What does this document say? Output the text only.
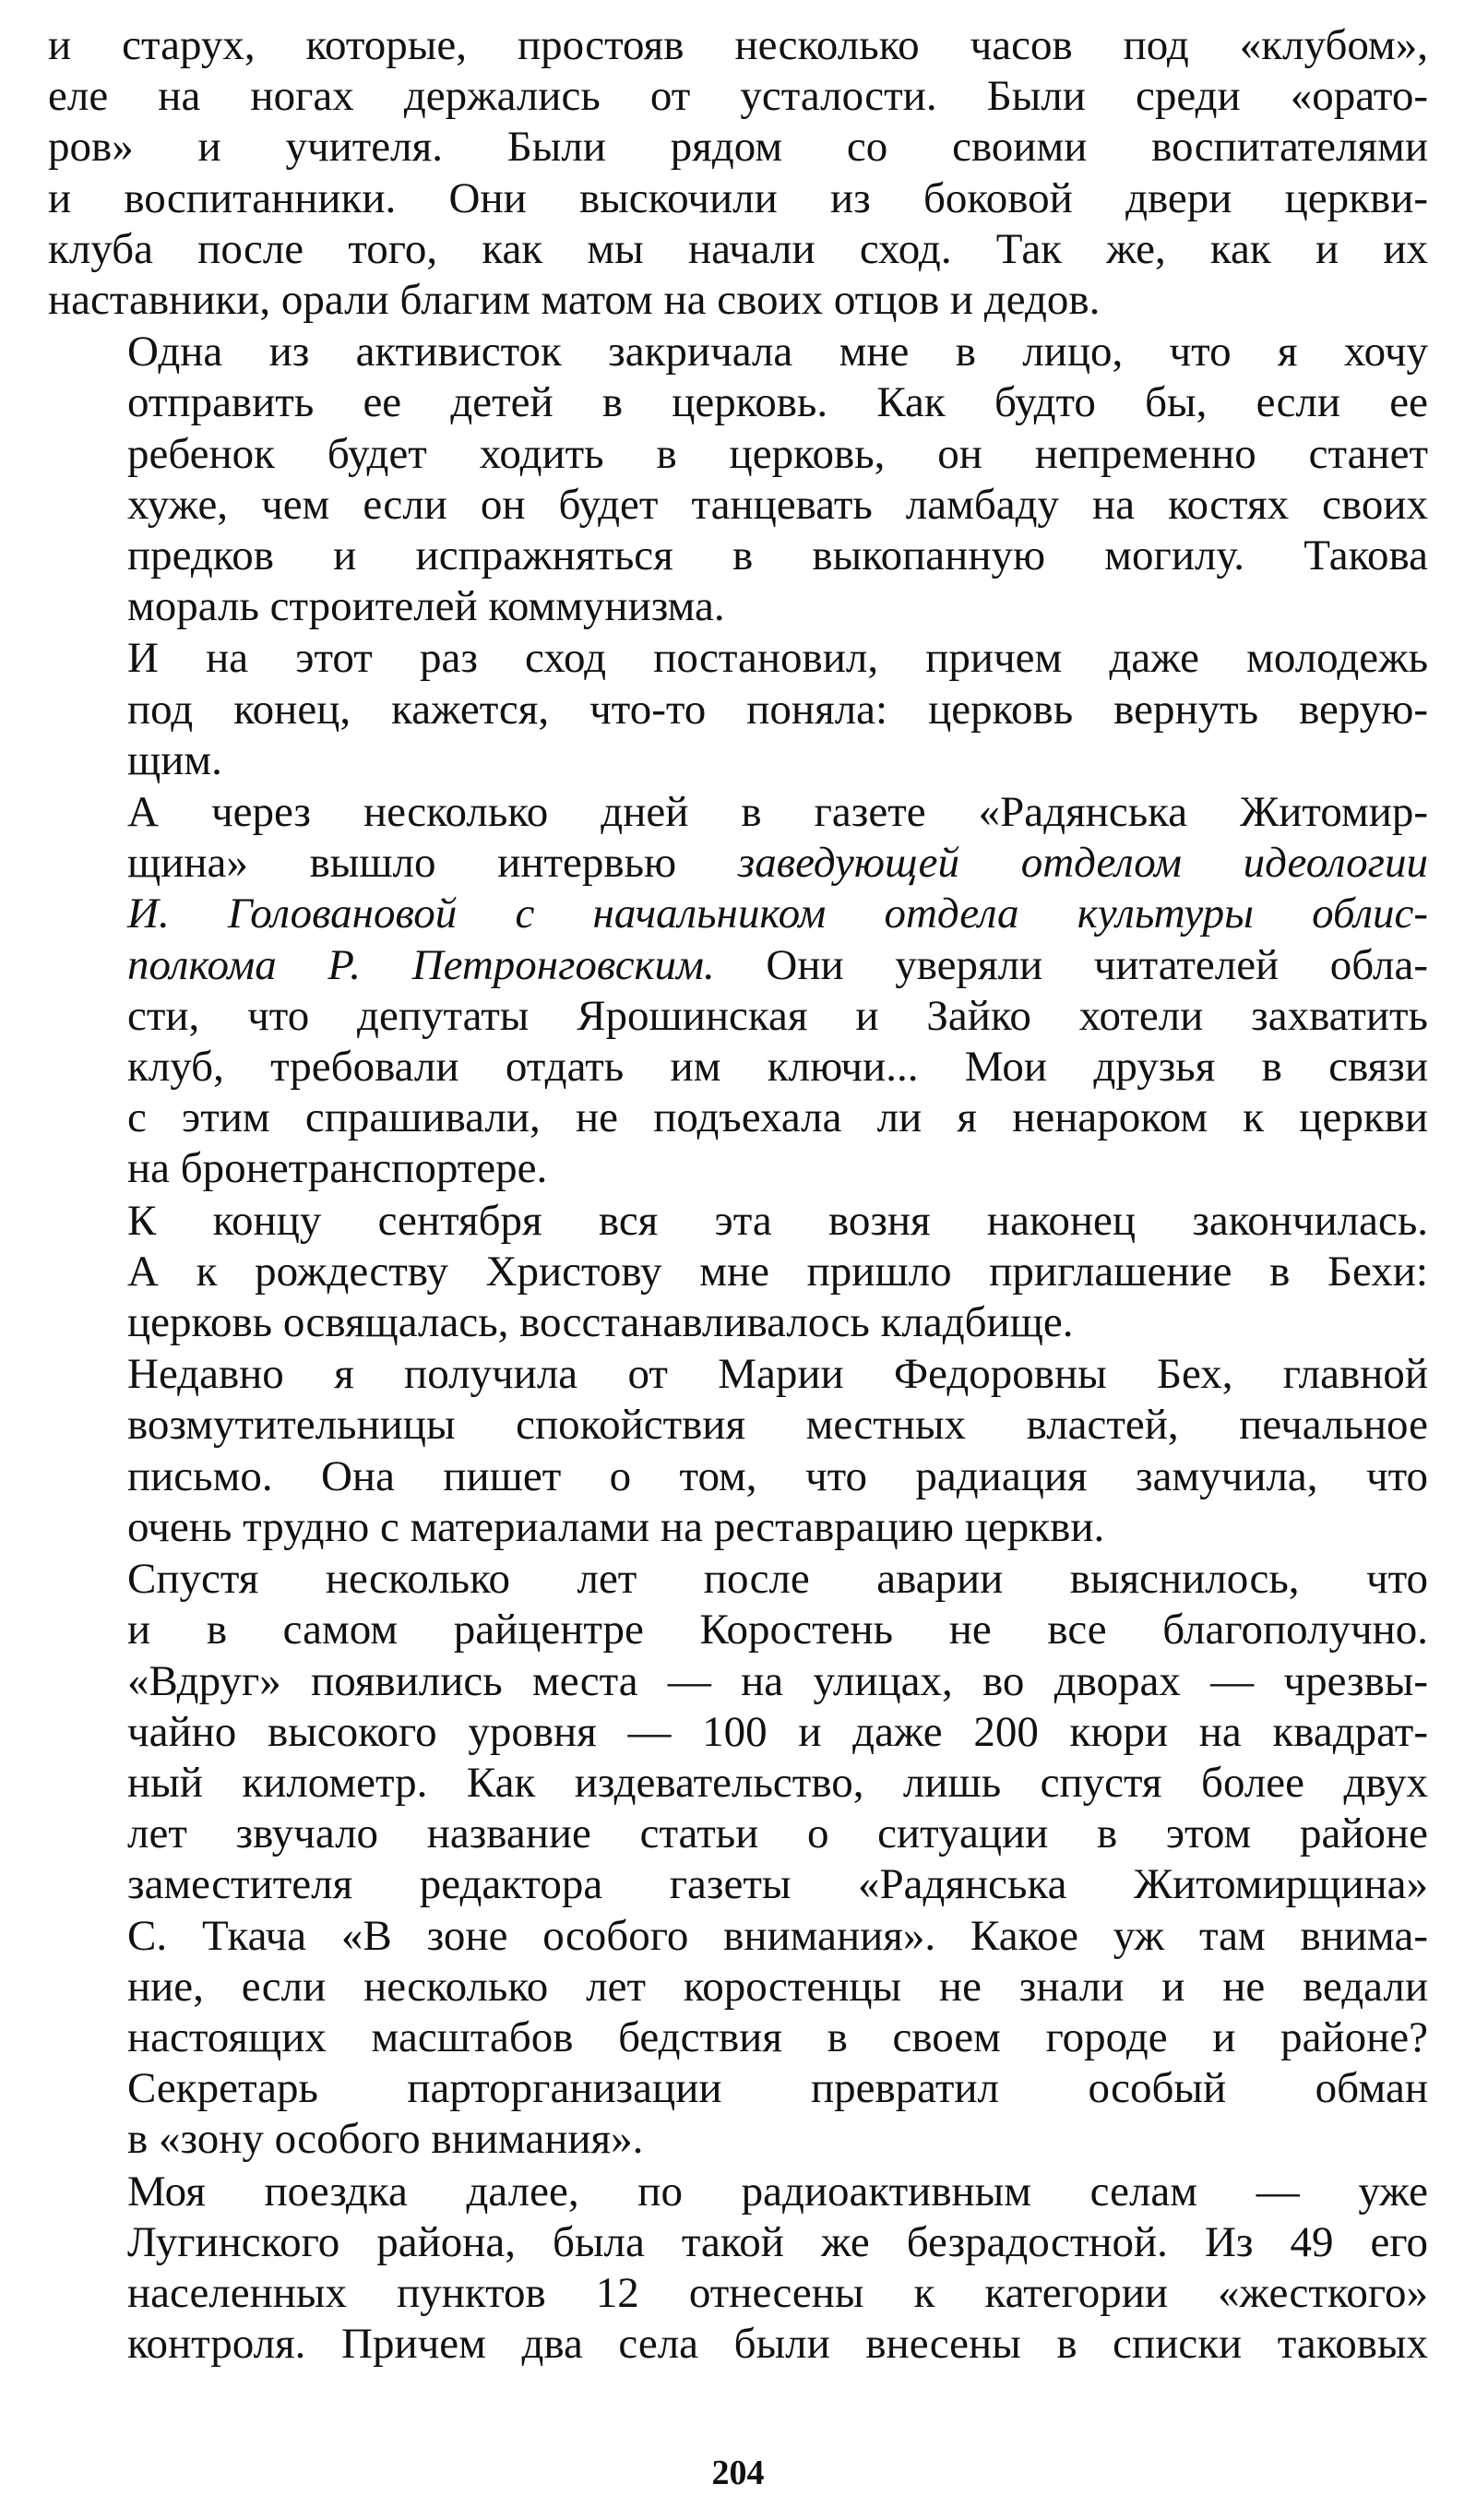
и старух, которые, простояв несколько часов под «клубом»,
еле на ногах держались от усталости. Были среди «орато-
ров» и учителя. Были рядом со своими воспитателями
и воспитанники. Они выскочили из боковой двери церкви-
клуба после того, как мы начали сход. Так же, как и их
наставники, орали благим матом на своих отцов и дедов.
Одна из активисток закричала мне в лицо, что я хочу
отправить ее детей в церковь. Как будто бы, если ее
ребенок будет ходить в церковь, он непременно станет
хуже, чем если он будет танцевать ламбаду на костях своих
предков и испражняться в выкопанную могилу. Такова
мораль строителей коммунизма.
И на этот раз сход постановил, причем даже молодежь
под конец, кажется, что-то поняла: церковь вернуть верую-
щим.
А через несколько дней в газете «Радянська Житомир-
щина» вышло интервью заведующей отделом идеологии
И. Головановой с начальником отдела культуры облис-
полкома Р. Петронговским. Они уверяли читателей обла-
сти, что депутаты Ярошинская и Зайко хотели захватить
клуб, требовали отдать им ключи... Мои друзья в связи
с этим спрашивали, не подъехала ли я ненароком к церкви
на бронетранспортере.
К концу сентября вся эта возня наконец закончилась.
А к рождеству Христову мне пришло приглашение в Бехи:
церковь освящалась, восстанавливалось кладбище.
Недавно я получила от Марии Федоровны Бех, главной
возмутительницы спокойствия местных властей, печальное
письмо. Она пишет о том, что радиация замучила, что
очень трудно с материалами на реставрацию церкви.
Спустя несколько лет после аварии выяснилось, что
и в самом райцентре Коростень не все благополучно.
«Вдруг» появились места — на улицах, во дворах — чрезвы-
чайно высокого уровня — 100 и даже 200 кюри на квадрат-
ный километр. Как издевательство, лишь спустя более двух
лет звучало название статьи о ситуации в этом районе
заместителя редактора газеты «Радянська Житомирщина»
С. Ткача «В зоне особого внимания». Какое уж там внима-
ние, если несколько лет коростенцы не знали и не ведали
настоящих масштабов бедствия в своем городе и районе?
Секретарь парторганизации превратил особый обман
в «зону особого внимания».
Моя поездка далее, по радиоактивным селам — уже
Лугинского района, была такой же безрадостной. Из 49 его
населенных пунктов 12 отнесены к категории «жесткого»
контроля. Причем два села были внесены в списки таковых
204
